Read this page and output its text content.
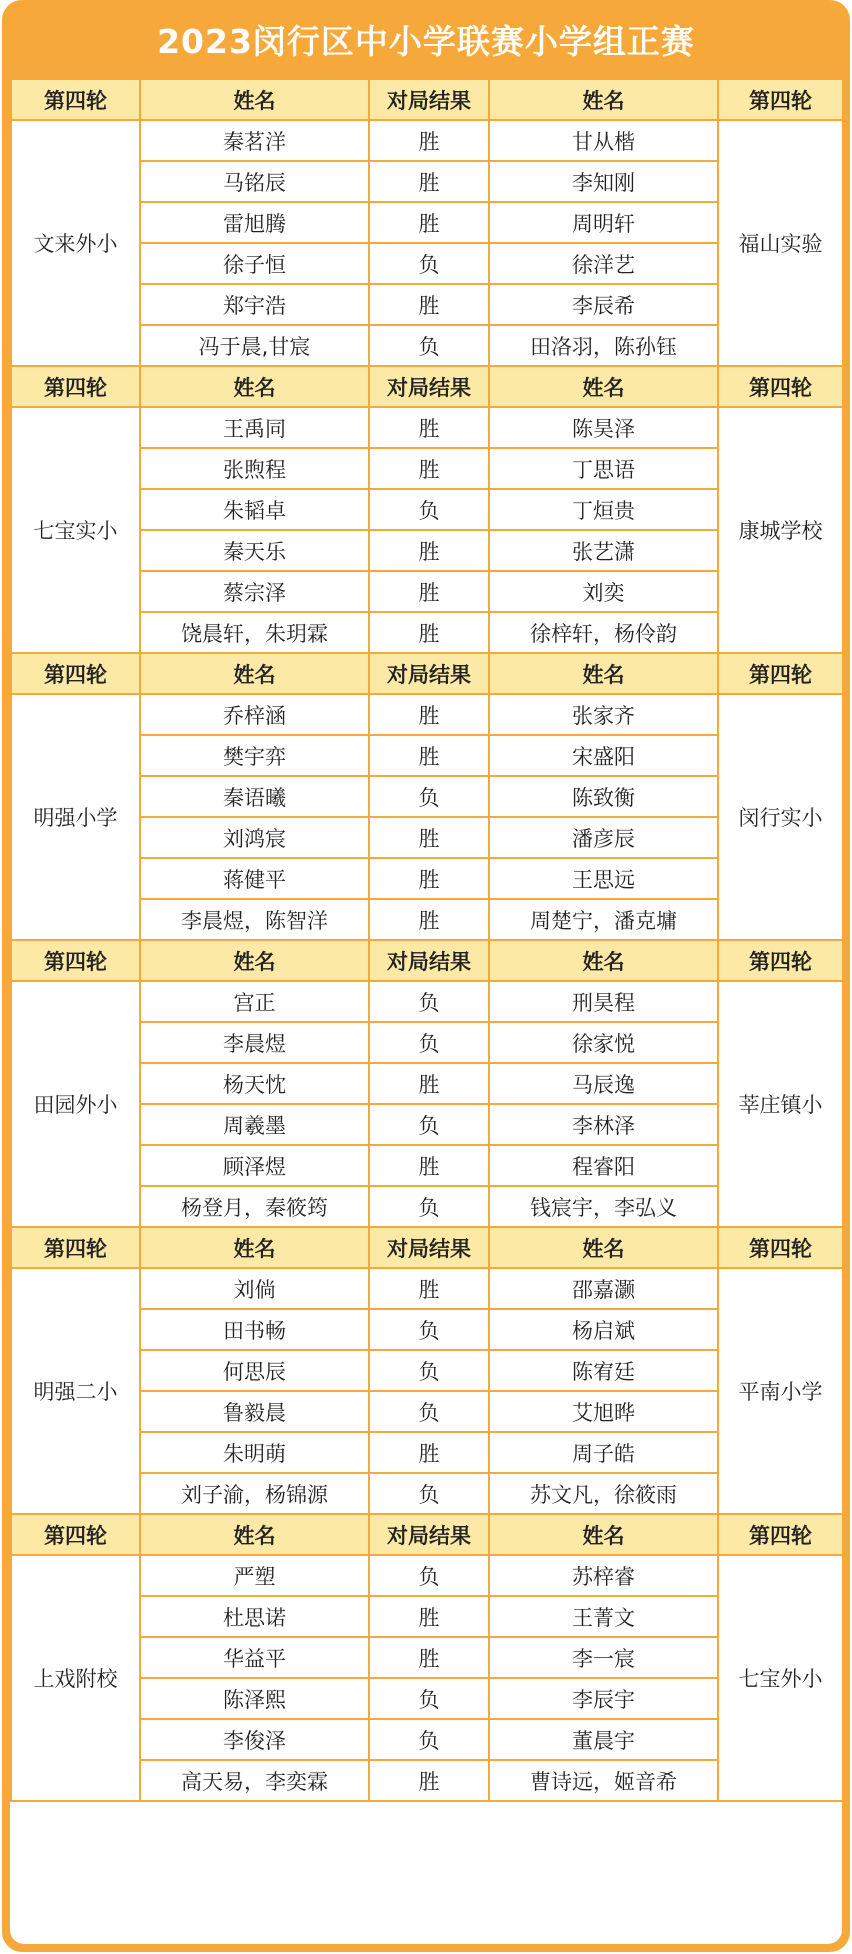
2023闵行区中小学联赛小学组正赛
第四轮	姓名	对局结果	姓名	第四轮
文来外小	秦茗洋	胜	甘从楷	福山实验
	马铭辰	胜	李知刚	
	雷旭腾	胜	周明轩	
	徐子恒	负	徐洋艺	
	郑宇浩	胜	李辰希	
	冯于晨,甘宸	负	田洛羽，陈孙钰	
第四轮	姓名	对局结果	姓名	第四轮
七宝实小	王禹同	胜	陈昊泽	康城学校
	张煦程	胜	丁思语	
	朱韬卓	负	丁烜贵	
	秦天乐	胜	张艺潇	
	蔡宗泽	胜	刘奕	
	饶晨轩，朱玥霖	胜	徐梓轩，杨伶韵	
第四轮	姓名	对局结果	姓名	第四轮
明强小学	乔梓涵	胜	张家齐	闵行实小
	樊宇弈	胜	宋盛阳	
	秦语曦	负	陈致衡	
	刘鸿宸	胜	潘彦辰	
	蒋健平	胜	王思远	
	李晨煜，陈智洋	胜	周楚宁，潘克墉	
第四轮	姓名	对局结果	姓名	第四轮
田园外小	宫正	负	刑昊程	莘庄镇小
	李晨煜	负	徐家悦	
	杨天忱	胜	马辰逸	
	周羲墨	负	李林泽	
	顾泽煜	胜	程睿阳	
	杨登月，秦筱筠	负	钱宸宇，李弘义	
第四轮	姓名	对局结果	姓名	第四轮
明强二小	刘倘	胜	邵嘉灏	平南小学
	田书畅	负	杨启斌	
	何思辰	负	陈宥廷	
	鲁毅晨	负	艾旭晔	
	朱明萌	胜	周子皓	
	刘子渝，杨锦源	负	苏文凡，徐筱雨	
第四轮	姓名	对局结果	姓名	第四轮
上戏附校	严塑	负	苏梓睿	七宝外小
	杜思诺	胜	王菁文	
	华益平	胜	李一宸	
	陈泽熙	负	李辰宇	
	李俊泽	负	董晨宇	
	高天易，李奕霖	胜	曹诗远，姬音希	
